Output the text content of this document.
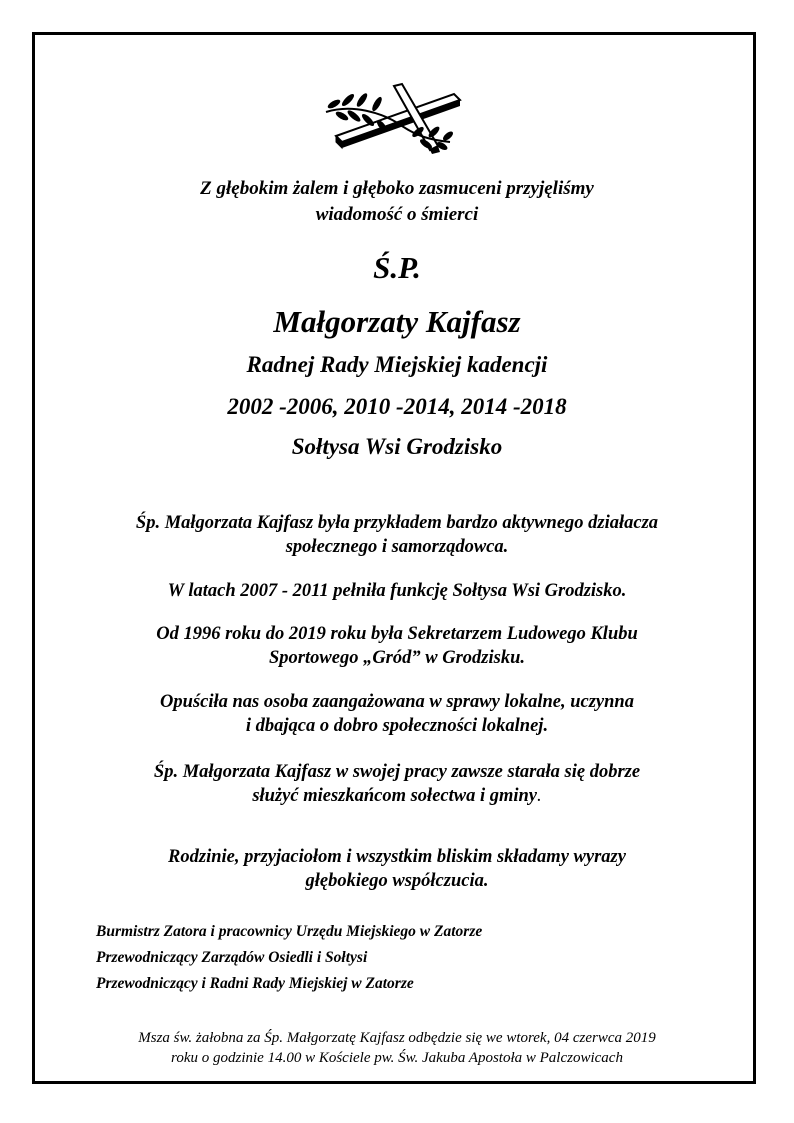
Z głębokim żalem i głęboko zasmuceni przyjęliśmy
wiadomość o śmierci

Ś.P.

Małgorzaty Kajfasz

Radnej Rady Miejskiej kadencji

2002 -2006, 2010 -2014, 2014 -2018

Sołtysa Wsi Grodzisko

Śp. Małgorzata Kajfasz była przykładem bardzo aktywnego działacza
społecznego i samorządowca.

W latach 2007 - 2011 pełniła funkcję Sołtysa Wsi Grodzisko.

Od 1996 roku do 2019 roku była Sekretarzem Ludowego Klubu
Sportowego „Gród” w Grodzisku.

Opuściła nas osoba zaangażowana w sprawy lokalne, uczynna
i dbająca o dobro społeczności lokalnej.

Śp. Małgorzata Kajfasz w swojej pracy zawsze starała się dobrze
służyć mieszkańcom sołectwa i gminy.

Rodzinie, przyjaciołom i wszystkim bliskim składamy wyrazy
głębokiego współczucia.

Burmistrz Zatora i pracownicy Urzędu Miejskiego w Zatorze
Przewodniczący Zarządów Osiedli i Sołtysi
Przewodniczący i Radni Rady Miejskiej w Zatorze

Msza św. żałobna za Śp. Małgorzatę Kajfasz odbędzie się we wtorek, 04 czerwca 2019
roku o godzinie 14.00 w Kościele pw. Św. Jakuba Apostoła w Palczowicach
